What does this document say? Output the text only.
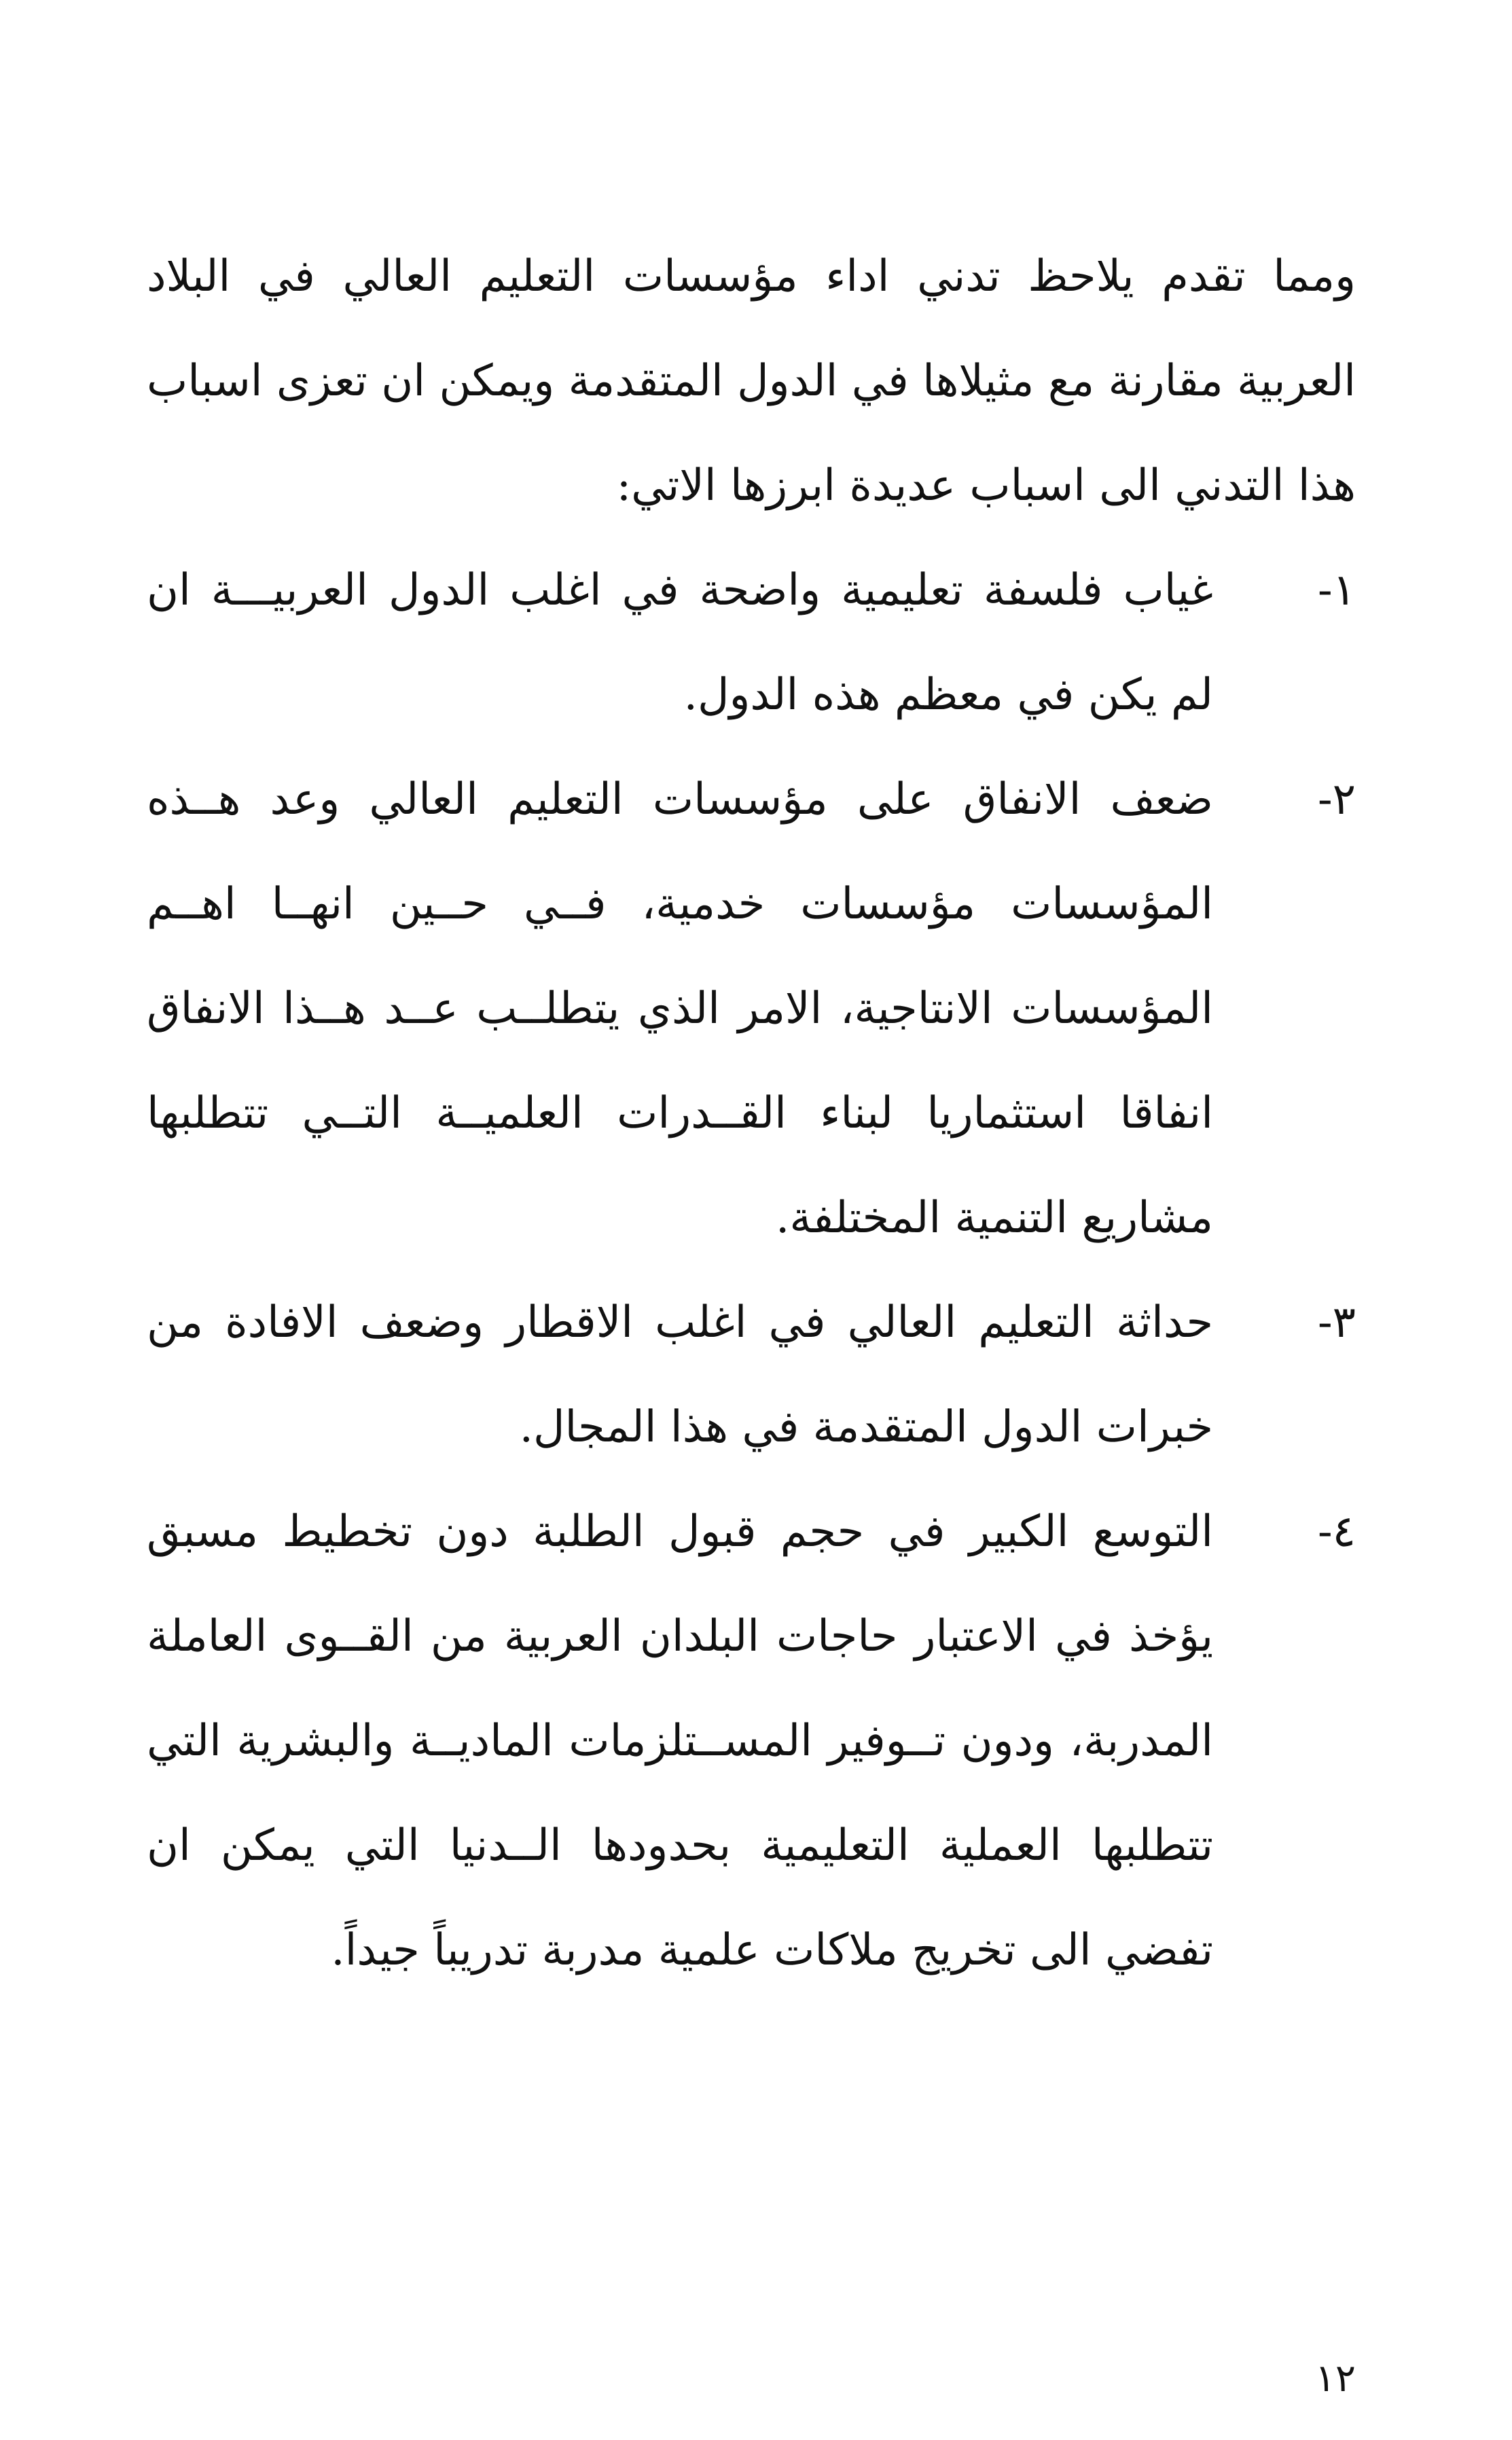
ومما تقدم يلاحظ تدني اداء مؤسسات التعليم العالي في البلاد العربية مقارنة مع مثيلاها في الدول المتقدمة ويمكن ان تعزى اسباب هذا التدني الى اسباب عديدة ابرزها الاتي:

١-
غياب فلسفة تعليمية واضحة في اغلب الدول العربيـــة ان لم يكن في معظم هذه الدول.
٢-
ضعف الانفاق على مؤسسات التعليم العالي وعد هــذه المؤسسات مؤسسات خدمية، فــي حــين انهــا اهــم المؤسسات الانتاجية، الامر الذي يتطلــب عــد هــذا الانفاق انفاقا استثماريا لبناء القــدرات العلميــة التــي تتطلبها مشاريع التنمية المختلفة.
٣-
حداثة التعليم العالي في اغلب الاقطار وضعف الافادة من خبرات الدول المتقدمة في هذا المجال.
٤-
التوسع الكبير في حجم قبول الطلبة دون تخطيط مسبق يؤخذ في الاعتبار حاجات البلدان العربية من القــوى العاملة المدربة، ودون تــوفير المســتلزمات الماديــة والبشرية التي تتطلبها العملية التعليمية بحدودها الــدنيا التي يمكن ان تفضي الى تخريج ملاكات علمية مدربة تدريباً جيداً.
١٢
